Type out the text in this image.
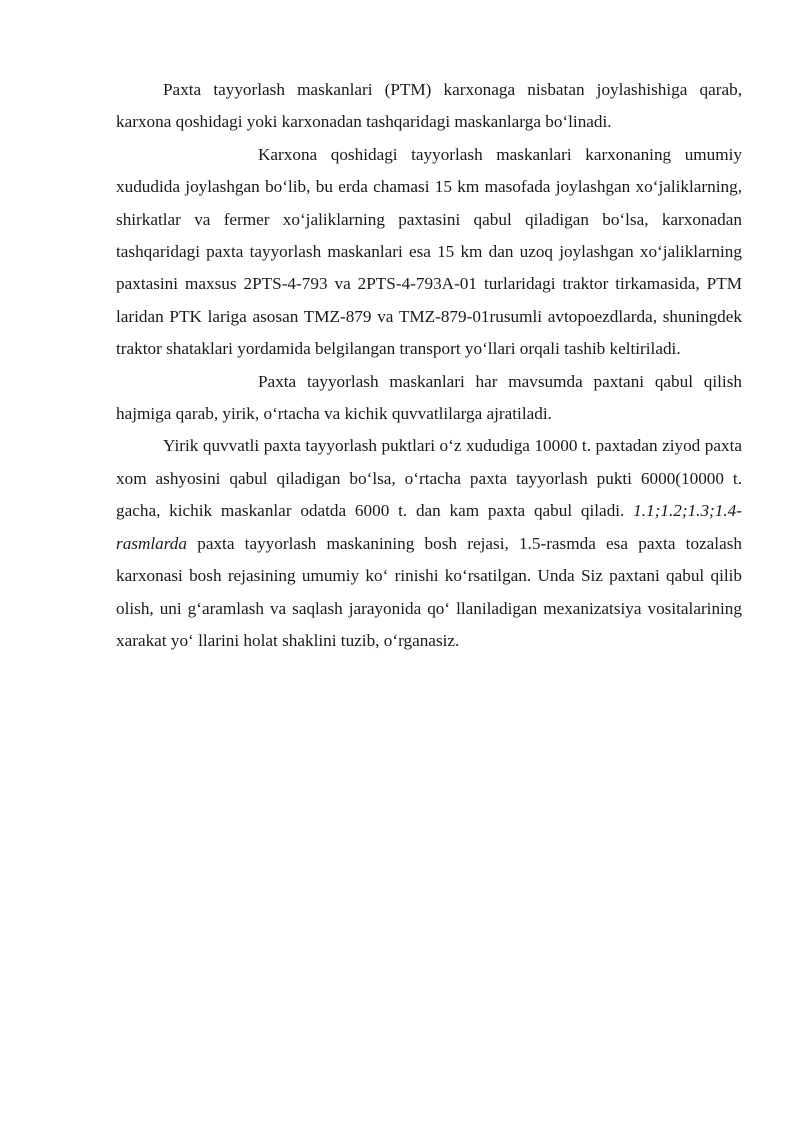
Paxta tayyorlash maskanlari (PTM) karxonaga nisbatan joylashishiga qarab, karxona qoshidagi yoki karxonadan tashqaridagi maskanlarga bo‘linadi.

Karxona qoshidagi tayyorlash maskanlari karxonaning umumiy xududida joylashgan bo‘lib, bu erda chamasi 15 km masofada joylashgan xo‘jaliklarning, shirkatlar va fermer xo‘jaliklarning paxtasini qabul qiladigan bo‘lsa, karxonadan tashqaridagi paxta tayyorlash maskanlari esa 15 km dan uzoq joylashgan xo‘jaliklarning paxtasini maxsus 2PTS-4-793 va 2PTS-4-793A-01 turlaridagi traktor tirkamasida, PTM laridan PTK lariga asosan TMZ-879 va TMZ-879-01rusumli avtopoezdlarda, shuningdek traktor shataklari yordamida belgilangan transport yo‘llari orqali tashib keltiriladi.

Paxta tayyorlash maskanlari har mavsumda paxtani qabul qilish hajmiga qarab, yirik, o‘rtacha va kichik quvvatlilarga ajratiladi.

Yirik quvvatli paxta tayyorlash puktlari o‘z xududiga 10000 t. paxtadan ziyod paxta xom ashyosini qabul qiladigan bo‘lsa, o‘rtacha paxta tayyorlash pukti 6000(10000 t. gacha, kichik maskanlar odatda 6000 t. dan kam paxta qabul qiladi. 1.1;1.2;1.3;1.4-rasmlarda paxta tayyorlash maskanining bosh rejasi, 1.5-rasmda esa paxta tozalash karxonasi bosh rejasining umumiy ko‘ rinishi ko‘rsatilgan. Unda Siz paxtani qabul qilib olish, uni g‘aramlash va saqlash jarayonida qo‘ llaniladigan mexanizatsiya vositalarining xarakat yo‘ llarini holat shaklini tuzib, o‘rganasiz.
